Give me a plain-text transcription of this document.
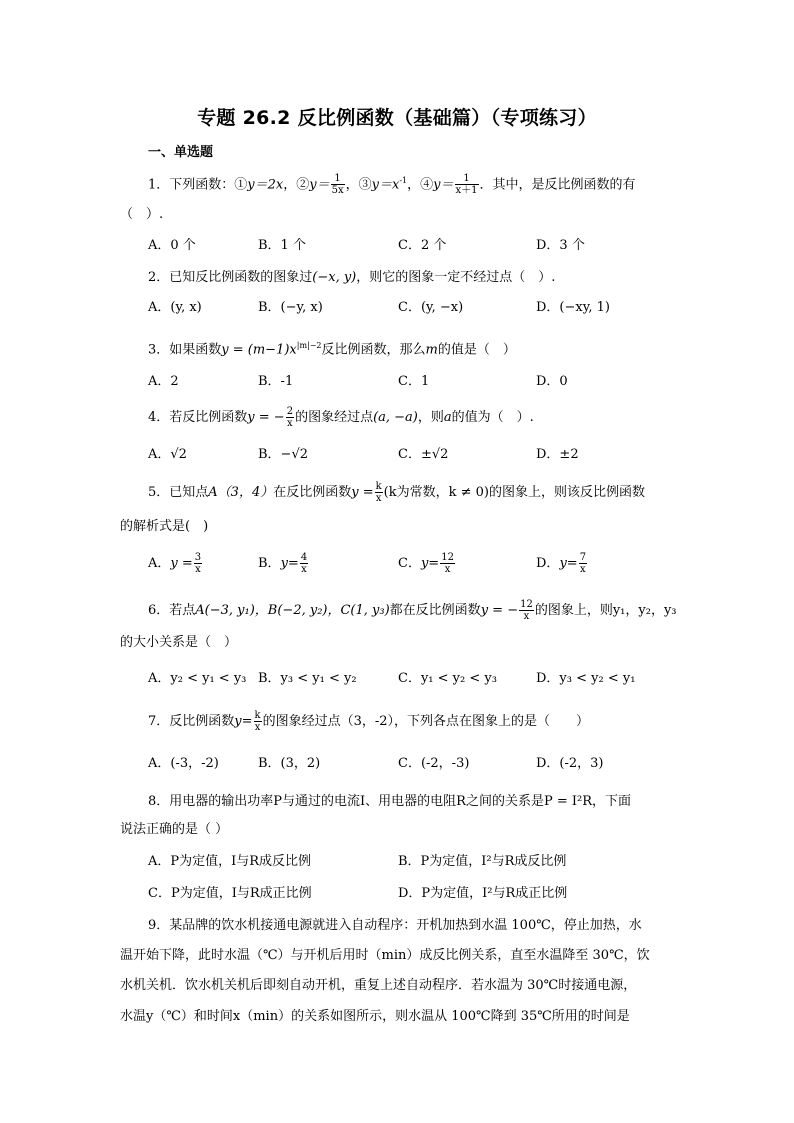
专题 26.2 反比例函数（基础篇）（专项练习）
一、单选题
1．下列函数：①y＝2x，②y＝ $\frac{1}{5x}$ ，$③y=x^{-1}$，④y＝ $\frac{1}{x+1}$ ．其中，是反比例函数的有
（　）.
A．0 个	B．1 个	C．2 个	D．3 个
2．已知反比例函数的图象过(−x, y)，则它的图象一定不经过点（　）.
A．(y, x)	B．(−y, x)	C．(y, −x)	D．(−xy, 1)
3．如果函数$y = (m-1)x^{|m|-2}$反比例函数，那么m的值是（　）
A．2	B．-1	C．1	D．0
4．若反比例函数y = − $\frac{2}{x}$ 的图象经过点(a, −a)，则a的值为（　）.
A．√2	B．−√2	C．±√2	D．±2
5．已知点A（3，4）在反比例函数$y = \frac{k}{x} (k$为常数，k ≠ 0)的图象上，则该反比例函数
的解析式是(　)
A．$y = \frac{3}{x}$	B．$y= \frac{4}{x}$	C．$y= \frac{12}{x}$	D．$y= \frac{7}{x}$
6．若点A(−3, y₁)，B(−2, y₂)，C(1, y₃)都在反比例函数y = − $\frac{12}{x}$ 的图象上，则y₁，y₂，y₃
的大小关系是（　）
A．y₂ < y₁ < y₃ B．y₃ < y₁ < y₂	C．y₁ < y₂ < y₃	D．y₃ < y₂ < y₁
7．反比例函数$y= \frac{k}{x}$ 的图象经过点（3，-2），下列各点在图象上的是（　　）
A．(-3，-2)	B．(3，2)	C．(-2，-3)	D．(-2，3)
8．用电器的输出功率P与通过的电流I、用电器的电阻R之间的关系是P = I²R，下面
说法正确的是（ ）
A．P为定值，I与R成反比例	B．P为定值，I²与R成反比例
C．P为定值，I与R成正比例	D．P为定值，I²与R成正比例
9．某品牌的饮水机接通电源就进入自动程序：开机加热到水温 100℃，停止加热，水
温开始下降，此时水温（℃）与开机后用时（min）成反比例关系，直至水温降至 30℃，饮
水机关机．饮水机关机后即刻自动开机，重复上述自动程序．若水温为 30℃时接通电源，
水温y（℃）和时间x（min）的关系如图所示，则水温从 100℃降到 35℃所用的时间是
